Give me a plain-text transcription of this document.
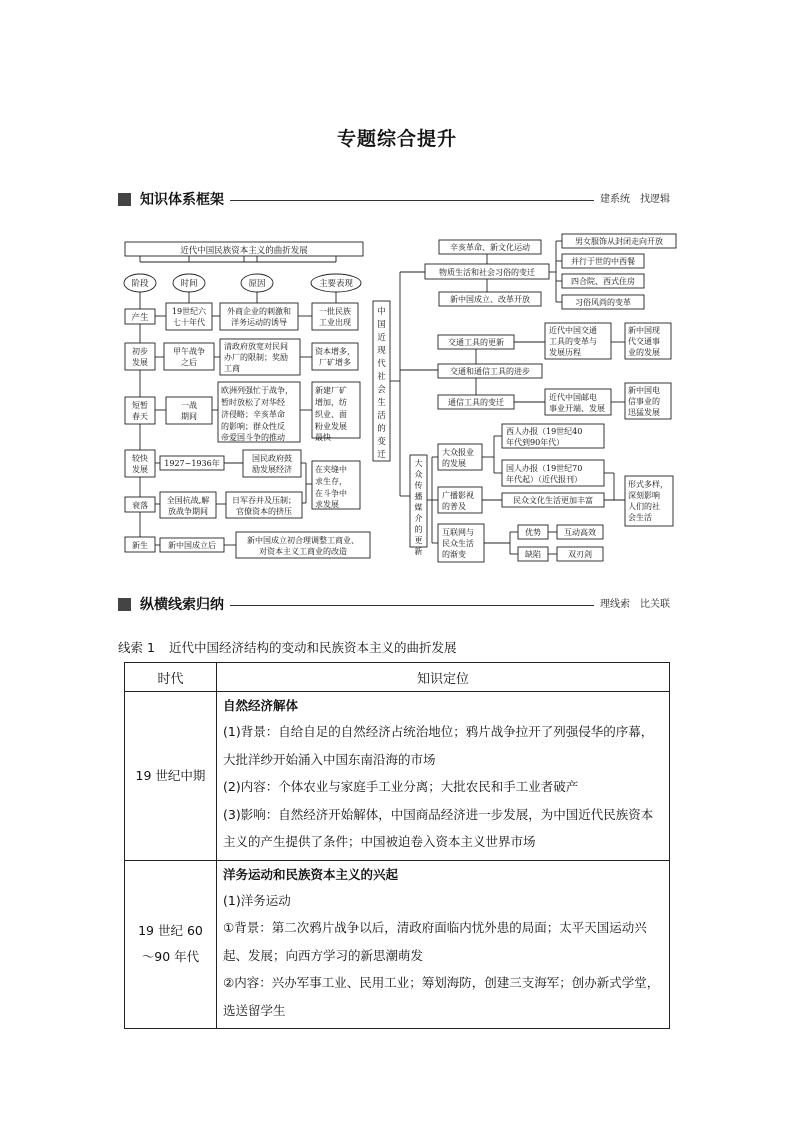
专题综合提升
知识体系框架	建系统　找逻辑
近代中国民族资本主义的曲折发展
阶段	时间	原因	主要表现
产生
19世纪六
七十年代
外商企业的刺激和
洋务运动的诱导
一批民族
工业出现
初步
发展
甲午战争
之后
清政府放宽对民间
办厂的限制；奖励
工商
资本增多，
厂矿增多
短暂
春天
一战
期间
欧洲列强忙于战争，
暂时放松了对华经
济侵略；辛亥革命
的影响；群众性反
帝爱国斗争的推动
新建厂矿
增加，纺
织业、面
粉业发展
最快
较快
发展
1927~1936年
国民政府鼓
励发展经济	在夹缝中
求生存，
在斗争中
求发展
衰落
全国抗战,解
放战争期间
日军吞并及压制；
官僚资本的挤压
新生	新中国成立后
新中国成立初合理调整工商业、
对资本主义工商业的改造
中
国
近
现
代
社
会
生
活
的
变
迁
物质生活和社会习俗的变迁
辛亥革命、新文化运动
新中国成立、改革开放
男女服饰从封闭走向开放
并行于世的中西餐
四合院、西式住房
习俗风尚的变革
交通工具的更新
交通和通信工具的进步
通信工具的变迁
近代中国交通
工具的变革与
发展历程
新中国现
代交通事
业的发展
近代中国邮电
事业开端、发展
新中国电
信事业的
迅猛发展
大
众
传
播
媒
介
的
更
新
大众报业
的发展
西人办报（19世纪40
年代到90年代）
国人办报（19世纪70
年代起）（近代报刊）
广播影视
的普及
民众文化生活更加丰富
形式多样，
深刻影响
人们的社
会生活
互联网与
民众生活
的渐变
优势	互动高效
缺陷	双刃剑
纵横线索归纳	理线索　比关联
线索 1 近代中国经济结构的变动和民族资本主义的曲折发展
时代	知识定位
19 世纪中期	自然经济解体
(1)背景：自给自足的自然经济占统治地位；鸦片战争拉开了列强侵华的序幕，大批洋纱开始涌入中国东南沿海的市场
(2)内容：个体农业与家庭手工业分离；大批农民和手工业者破产
(3)影响：自然经济开始解体，中国商品经济进一步发展，为中国近代民族资本主义的产生提供了条件；中国被迫卷入资本主义世界市场

19 世纪 60～90 年代	洋务运动和民族资本主义的兴起
(1)洋务运动
①背景：第二次鸦片战争以后，清政府面临内忧外患的局面；太平天国运动兴起、发展；向西方学习的新思潮萌发
②内容：兴办军事工业、民用工业；筹划海防，创建三支海军；创办新式学堂，选送留学生
